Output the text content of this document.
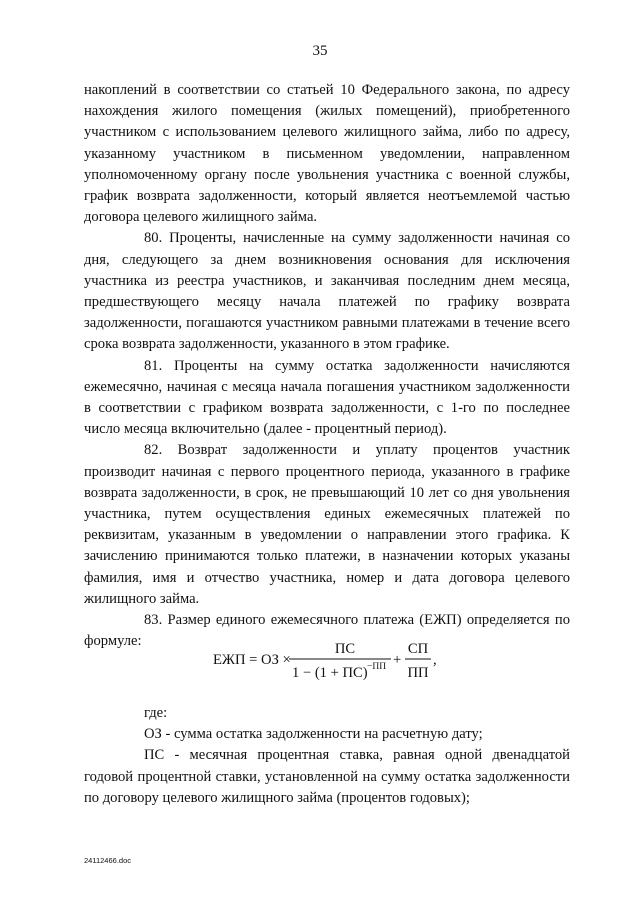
35

накоплений в соответствии со статьей 10 Федерального закона, по адресу нахождения жилого помещения (жилых помещений), приобретенного участником с использованием целевого жилищного займа, либо по адресу, указанному участником в письменном уведомлении, направленном уполномоченному органу после увольнения участника с военной службы, график возврата задолженности, который является неотъемлемой частью договора целевого жилищного займа.

80. Проценты, начисленные на сумму задолженности начиная со дня, следующего за днем возникновения основания для исключения участника из реестра участников, и заканчивая последним днем месяца, предшествующего месяцу начала платежей по графику возврата задолженности, погашаются участником равными платежами в течение всего срока возврата задолженности, указанного в этом графике.

81. Проценты на сумму остатка задолженности начисляются ежемесячно, начиная с месяца начала погашения участником задолженности в соответствии с графиком возврата задолженности, с 1-го по последнее число месяца включительно (далее - процентный период).

82. Возврат задолженности и уплату процентов участник производит начиная с первого процентного периода, указанного в графике возврата задолженности, в срок, не превышающий 10 лет со дня увольнения участника, путем осуществления единых ежемесячных платежей по реквизитам, указанным в уведомлении о направлении этого графика. К зачислению принимаются только платежи, в назначении которых указаны фамилия, имя и отчество участника, номер и дата договора целевого жилищного займа.

83. Размер единого ежемесячного платежа (ЕЖП) определяется по формуле:

ЕЖП = ОЗ ×
ПС
1 − (1 + ПС) −ПП +
СП
ПП
,

где:

ОЗ - сумма остатка задолженности на расчетную дату;

ПС - месячная процентная ставка, равная одной двенадцатой годовой процентной ставки, установленной на сумму остатка задолженности по договору целевого жилищного займа (процентов годовых);

24112466.doc
